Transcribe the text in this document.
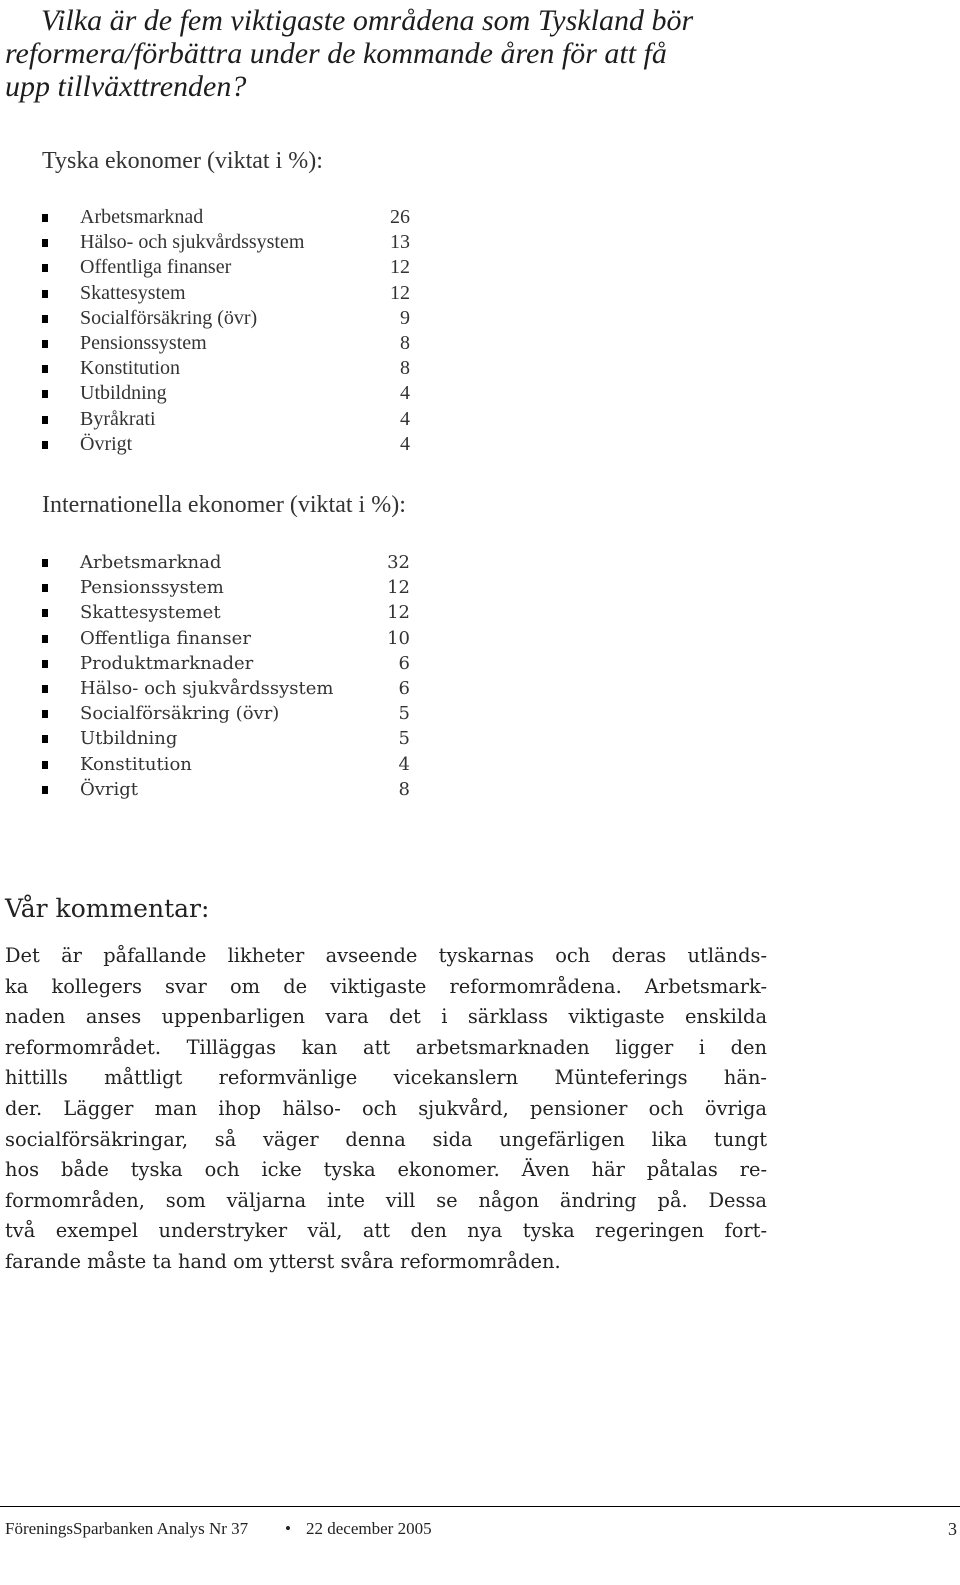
Vilka är de fem viktigaste områdena som Tyskland bör
reformera/förbättra under de kommande åren för att få
upp tillväxttrenden?
Tyska ekonomer (viktat i %):
Arbetsmarknad	26
Hälso- och sjukvårdssystem	13
Offentliga finanser	12
Skattesystem	12
Socialförsäkring (övr)	9
Pensionssystem	8
Konstitution	8
Utbildning	4
Byråkrati	4
Övrigt	4
Internationella ekonomer (viktat i %):
Arbetsmarknad	32
Pensionssystem	12
Skattesystemet	12
Offentliga finanser	10
Produktmarknader	6
Hälso- och sjukvårdssystem	6
Socialförsäkring (övr)	5
Utbildning	5
Konstitution	4
Övrigt	8
Vår kommentar:
Det är påfallande likheter avseende tyskarnas och deras utländs-
ka kollegers svar om de viktigaste reformområdena. Arbetsmark-
naden anses uppenbarligen vara det i särklass viktigaste enskilda
reformområdet. Tilläggas kan att arbetsmarknaden ligger i den
hittills måttligt reformvänlige vicekanslern Münteferings hän-
der. Lägger man ihop hälso- och sjukvård, pensioner och övriga
socialförsäkringar, så väger denna sida ungefärligen lika tungt
hos både tyska och icke tyska ekonomer. Även här påtalas re-
formområden, som väljarna inte vill se någon ändring på. Dessa
två exempel understryker väl, att den nya tyska regeringen fort-
farande måste ta hand om ytterst svåra reformområden.
FöreningsSparbanken Analys Nr 37 • 22 december 2005	3
